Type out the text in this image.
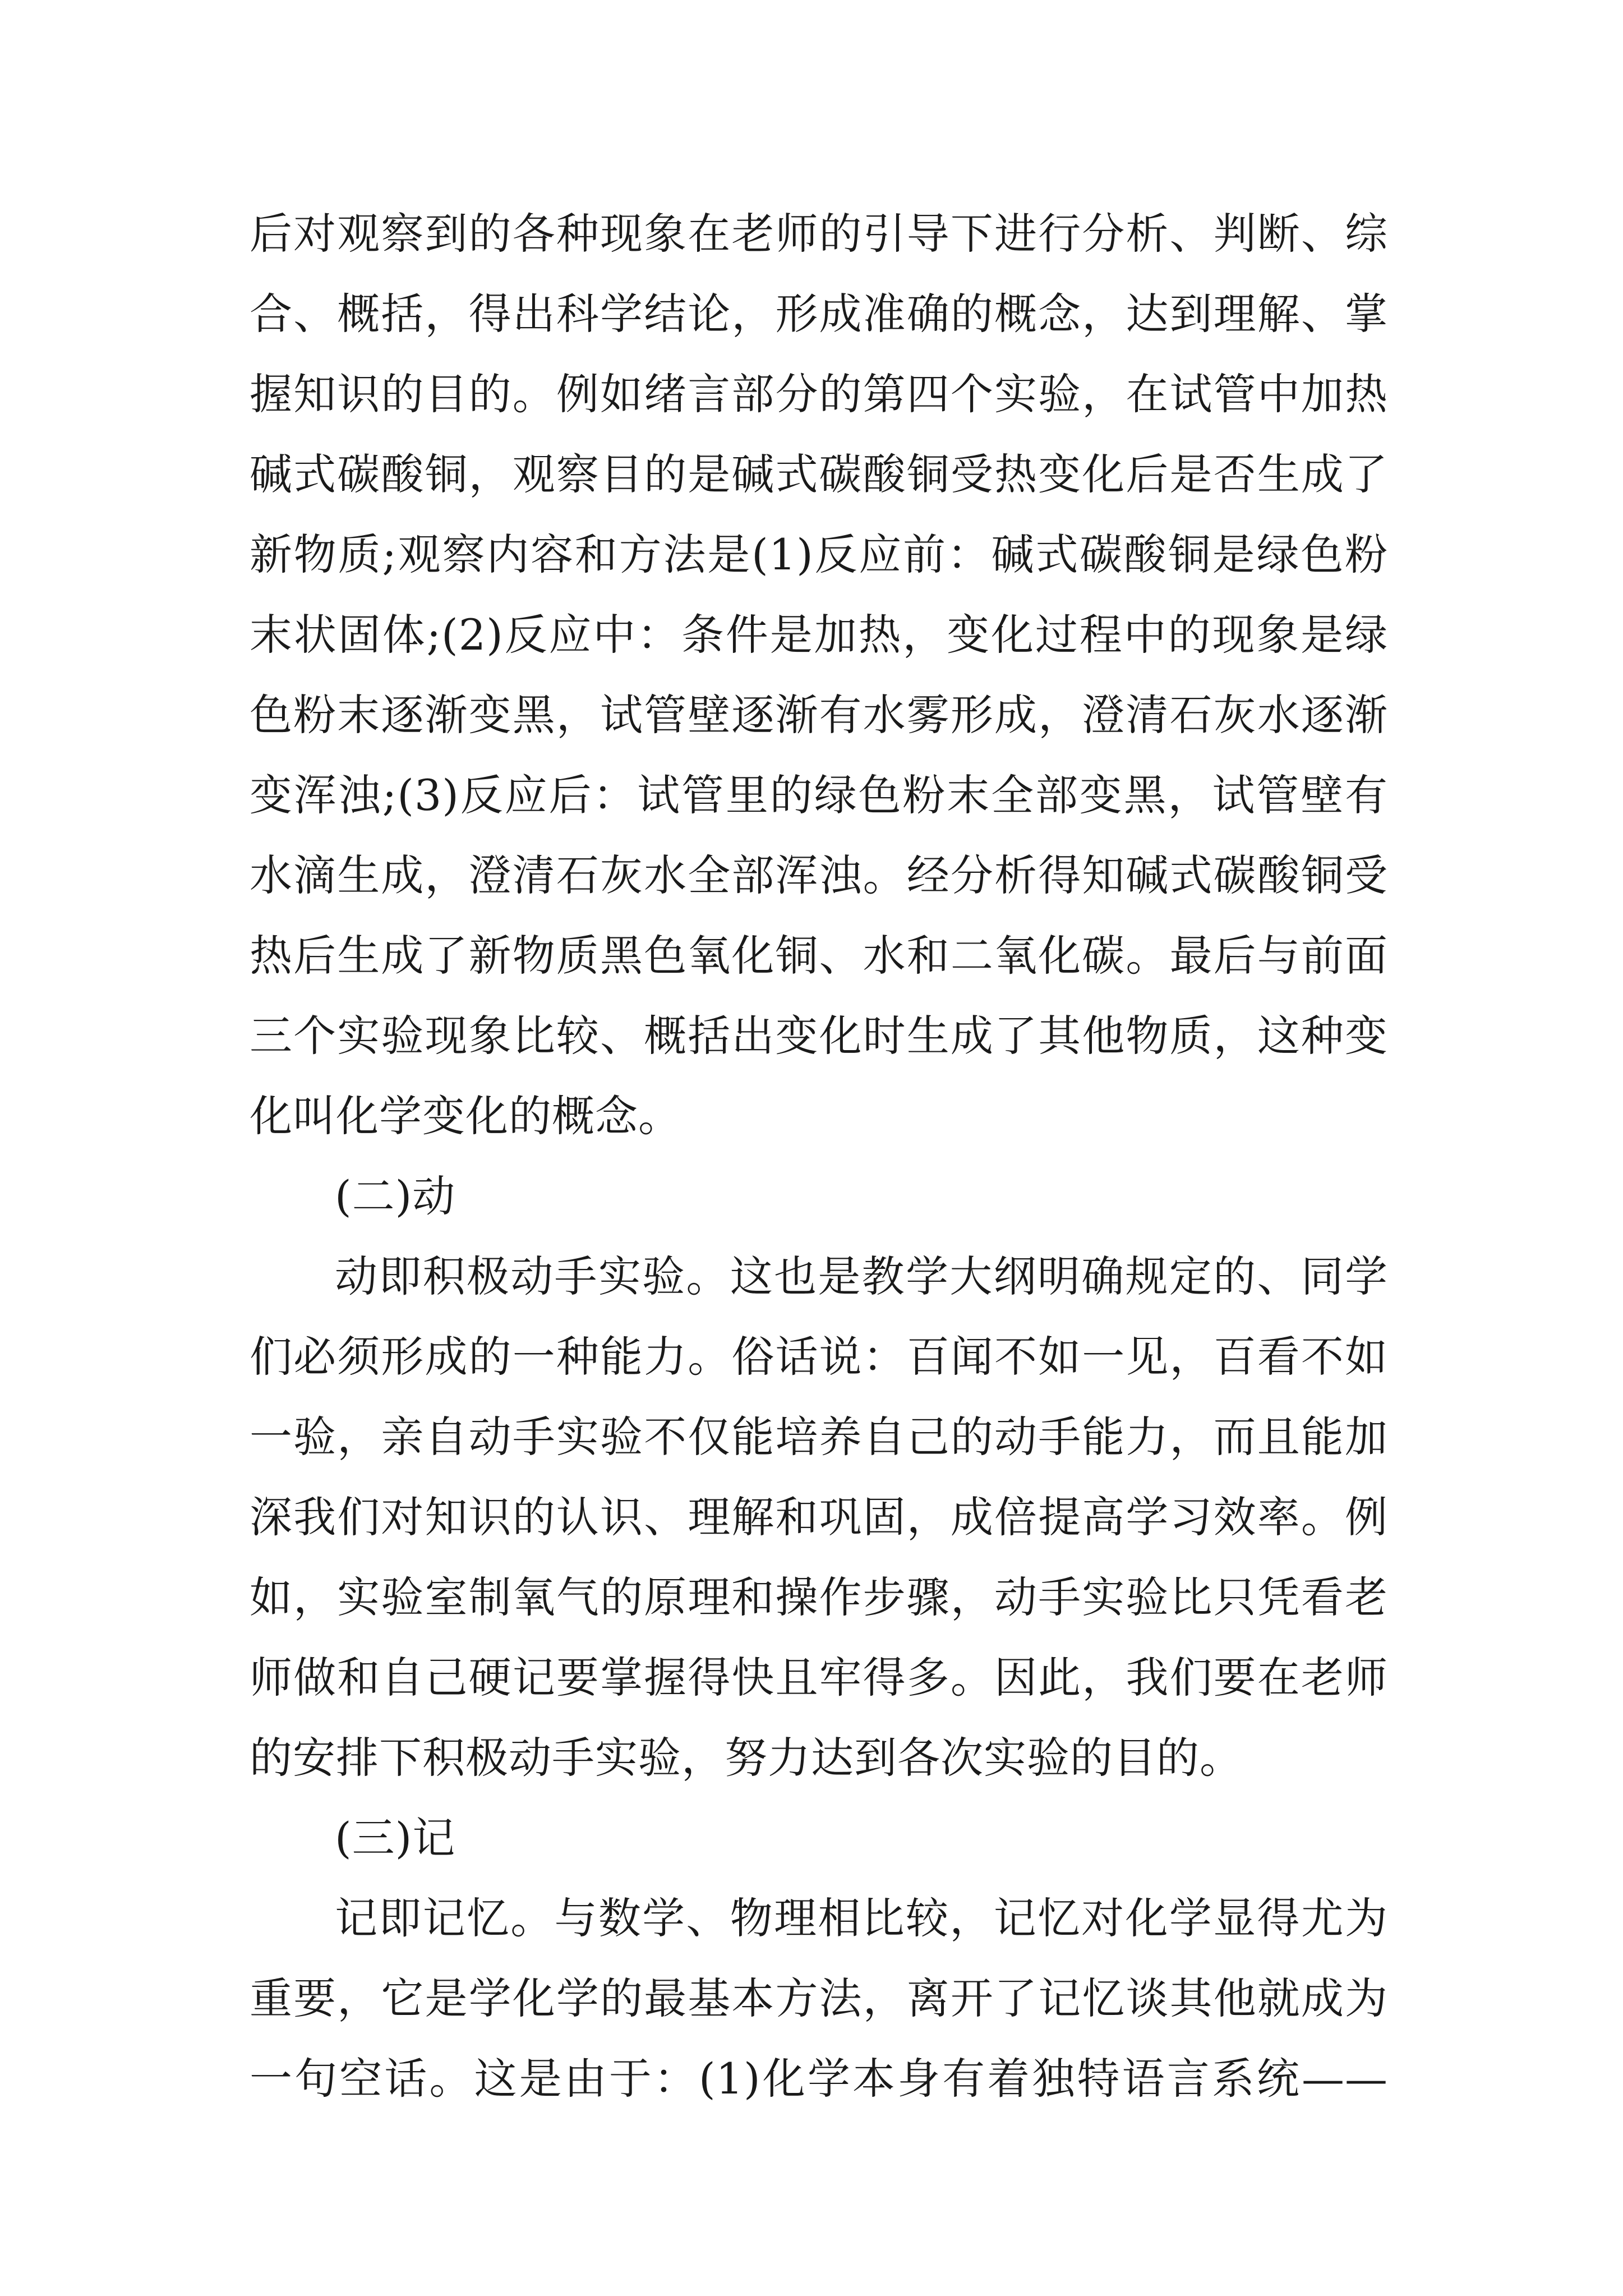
后对观察到的各种现象在老师的引导下进行分析、判断、综合、概括，得出科学结论，形成准确的概念，达到理解、掌握知识的目的。例如绪言部分的第四个实验，在试管中加热碱式碳酸铜，观察目的是碱式碳酸铜受热变化后是否生成了新物质;观察内容和方法是(1)反应前：碱式碳酸铜是绿色粉末状固体;(2)反应中：条件是加热，变化过程中的现象是绿色粉末逐渐变黑，试管壁逐渐有水雾形成，澄清石灰水逐渐变浑浊;(3)反应后：试管里的绿色粉末全部变黑，试管壁有水滴生成，澄清石灰水全部浑浊。经分析得知碱式碳酸铜受热后生成了新物质黑色氧化铜、水和二氧化碳。最后与前面三个实验现象比较、概括出变化时生成了其他物质，这种变化叫化学变化的概念。

(二)动

动即积极动手实验。这也是教学大纲明确规定的、同学们必须形成的一种能力。俗话说：百闻不如一见，百看不如一验，亲自动手实验不仅能培养自己的动手能力，而且能加深我们对知识的认识、理解和巩固，成倍提高学习效率。例如，实验室制氧气的原理和操作步骤，动手实验比只凭看老师做和自己硬记要掌握得快且牢得多。因此，我们要在老师的安排下积极动手实验，努力达到各次实验的目的。

(三)记

记即记忆。与数学、物理相比较，记忆对化学显得尤为重要，它是学化学的最基本方法，离开了记忆谈其他就成为一句空话。这是由于：(1)化学本身有着独特语言系统——
